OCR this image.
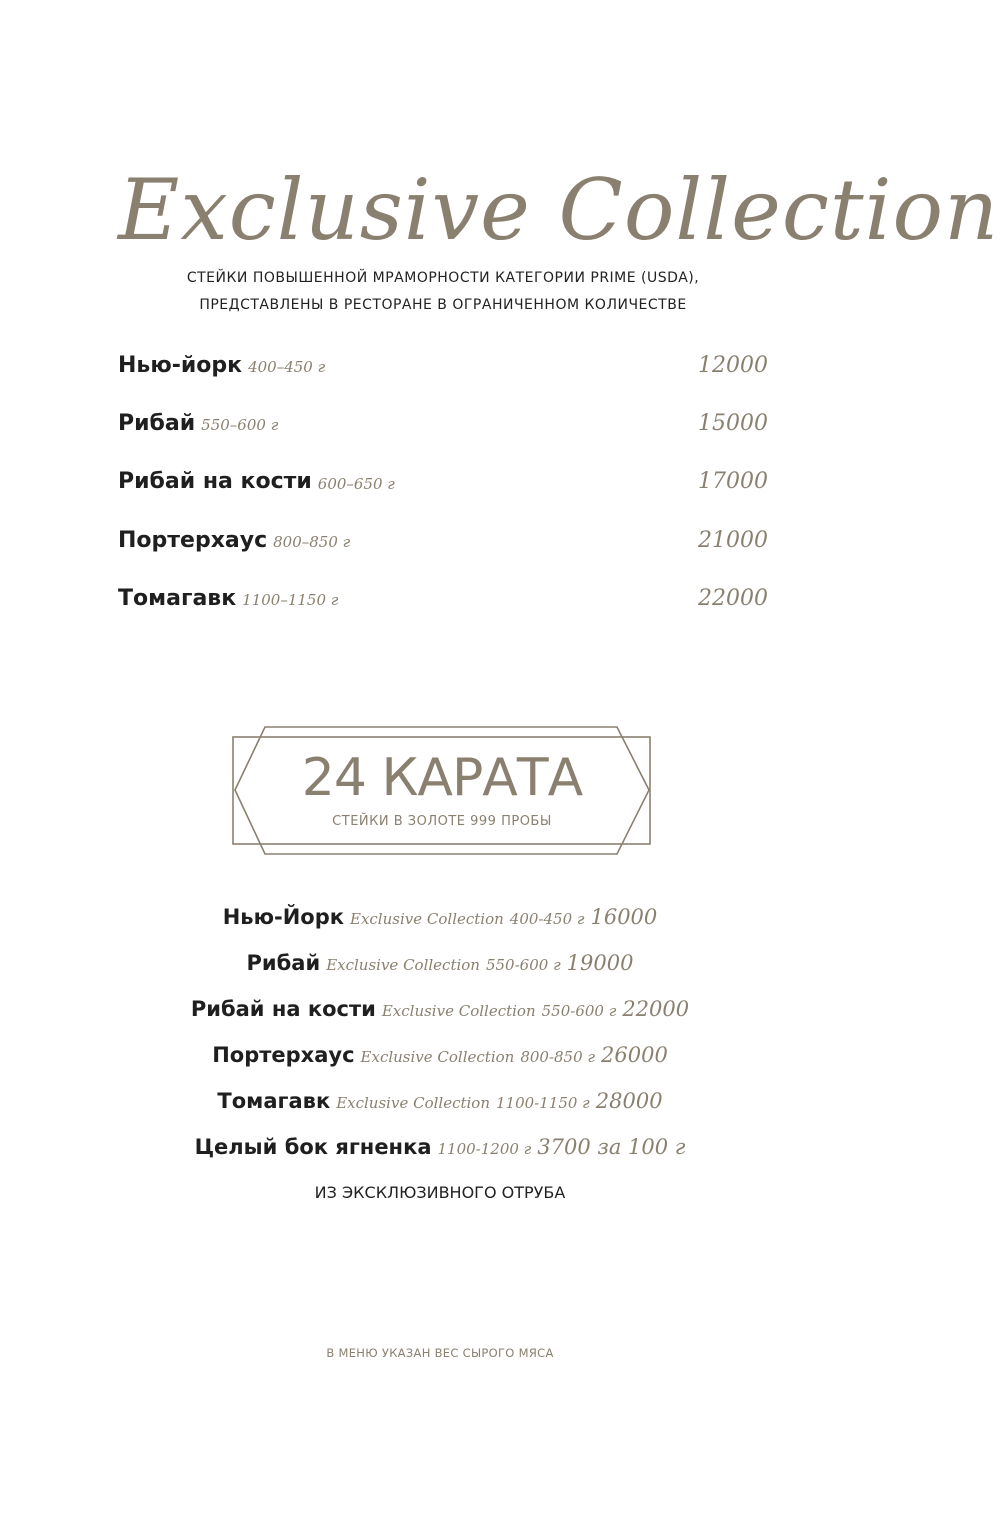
Exclusive Collection
СТЕЙКИ ПОВЫШЕННОЙ МРАМОРНОСТИ КАТЕГОРИИ PRIME (USDA),
ПРЕДСТАВЛЕНЫ В РЕСТОРАНЕ В ОГРАНИЧЕННОМ КОЛИЧЕСТВЕ
Нью-йорк 400–450 г	12000
Рибай 550–600 г	15000
Рибай на кости 600–650 г	17000
Портерхаус 800–850 г	21000
Томагавк 1100–1150 г	22000
24 КАРАТА
СТЕЙКИ В ЗОЛОТЕ 999 ПРОБЫ
Нью-Йорк Exclusive Collection 400-450 г 16000
Рибай Exclusive Collection 550-600 г 19000
Рибай на кости Exclusive Collection 550-600 г 22000
Портерхаус Exclusive Collection 800-850 г 26000
Томагавк Exclusive Collection 1100-1150 г 28000
Целый бок ягненка 1100-1200 г 3700 за 100 г
ИЗ ЭКСКЛЮЗИВНОГО ОТРУБА
В МЕНЮ УКАЗАН ВЕС СЫРОГО МЯСА
